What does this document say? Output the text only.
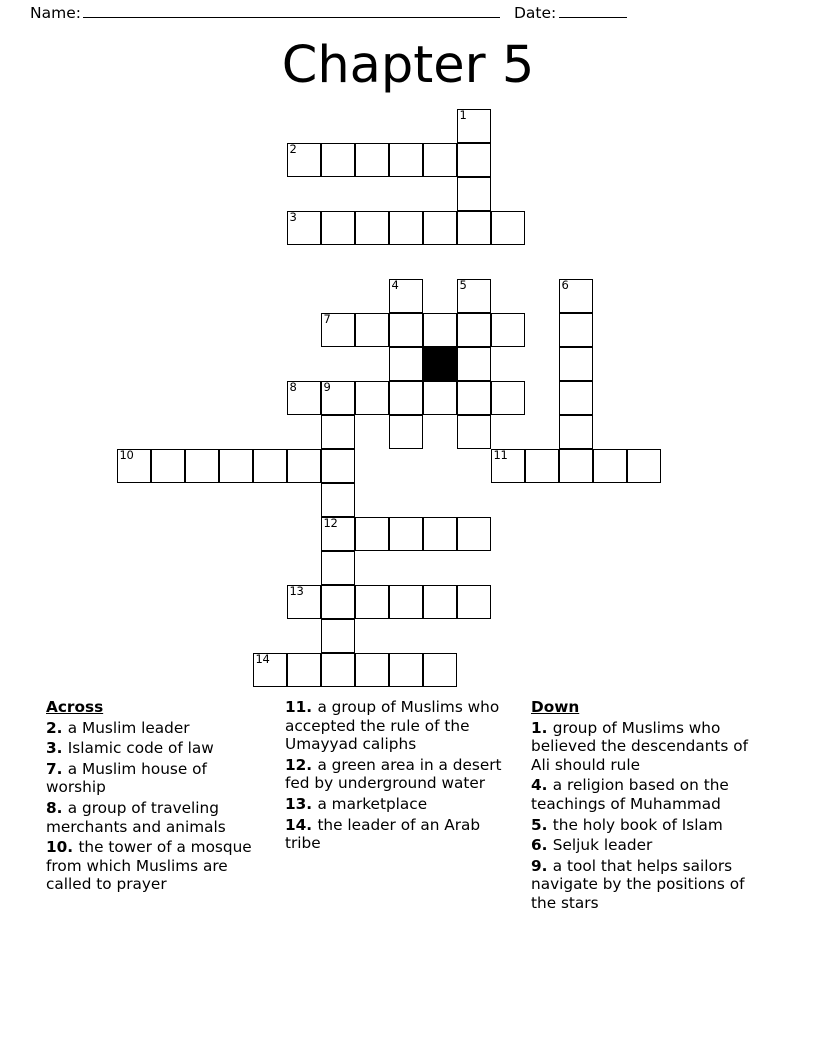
Name:	Date:
Chapter 5
1
2
3
4	5	6
7
8 9
10	11
12
13
14
Across
2. a Muslim leader
3. Islamic code of law
7. a Muslim house of worship
8. a group of traveling merchants and animals
10. the tower of a mosque from which Muslims are called to prayer
11. a group of Muslims who accepted the rule of the Umayyad caliphs
12. a green area in a desert fed by underground water
13. a marketplace
14. the leader of an Arab tribe
Down
1. group of Muslims who believed the descendants of Ali should rule
4. a religion based on the teachings of Muhammad
5. the holy book of Islam
6. Seljuk leader
9. a tool that helps sailors navigate by the positions of the stars
